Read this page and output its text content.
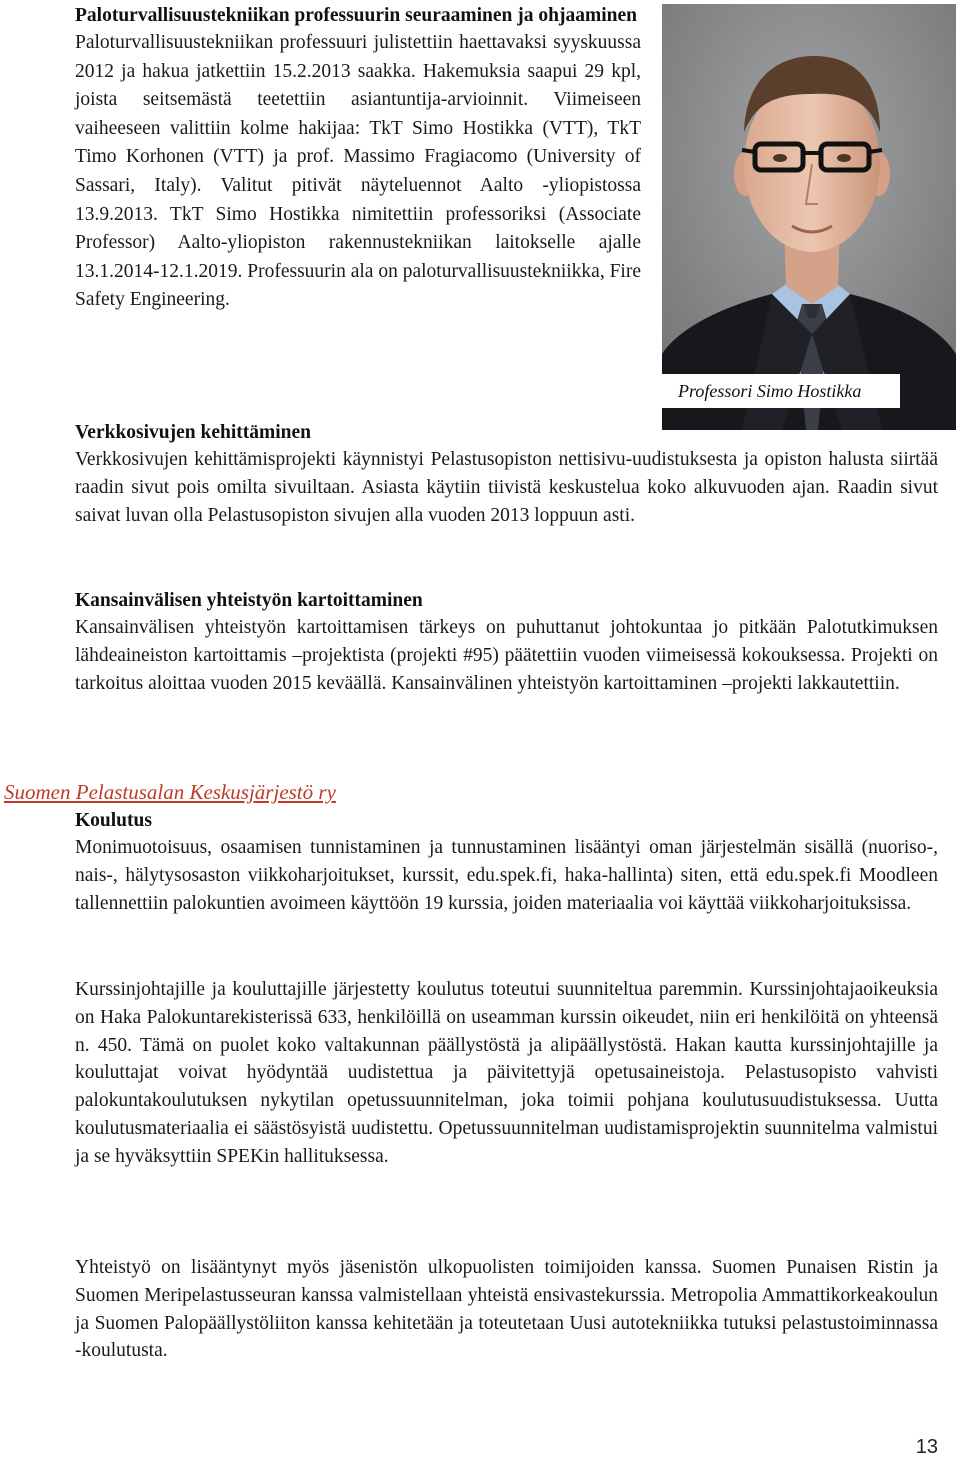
Paloturvallisuustekniikan professuurin seuraaminen ja ohjaaminen

Paloturvallisuustekniikan professuuri julistettiin haettavaksi syyskuussa 2012 ja hakua jatkettiin 15.2.2013 saakka. Hakemuksia saapui 29 kpl, joista seitsemästä teetettiin asiantuntija-arvioinnit. Viimeiseen vaiheeseen valittiin kolme hakijaa: TkT Simo Hostikka (VTT), TkT Timo Korhonen (VTT) ja prof. Massimo Fragiacomo (University of Sassari, Italy). Valitut pitivät näyteluennot Aalto -yliopistossa 13.9.2013. TkT Simo Hostikka nimitettiin professoriksi (Associate Professor) Aalto-yliopiston rakennustekniikan laitokselle ajalle 13.1.2014-12.1.2019. Professuurin ala on paloturvallisuustekniikka, Fire Safety Engineering.

Professori Simo Hostikka
Verkkosivujen kehittäminen

Verkkosivujen kehittämisprojekti käynnistyi Pelastusopiston nettisivu-uudistuksesta ja opiston halusta siirtää raadin sivut pois omilta sivuiltaan. Asiasta käytiin tiivistä keskustelua koko alkuvuoden ajan. Raadin sivut saivat luvan olla Pelastusopiston sivujen alla vuoden 2013 loppuun asti.

Kansainvälisen yhteistyön kartoittaminen

Kansainvälisen yhteistyön kartoittamisen tärkeys on puhuttanut johtokuntaa jo pitkään Palotutkimuksen lähdeaineiston kartoittamis –projektista (projekti #95) päätettiin vuoden viimeisessä kokouksessa. Projekti on tarkoitus aloittaa vuoden 2015 keväällä. Kansainvälinen yhteistyön kartoittaminen –projekti lakkautettiin.

Suomen Pelastusalan Keskusjärjestö ry
Koulutus

Monimuotoisuus, osaamisen tunnistaminen ja tunnustaminen lisääntyi oman järjestelmän sisällä (nuoriso-, nais-, hälytysosaston viikkoharjoitukset, kurssit, edu.spek.fi, haka-hallinta) siten, että edu.spek.fi Moodleen tallennettiin palokuntien avoimeen käyttöön 19 kurssia, joiden materiaalia voi käyttää viikkoharjoituksissa.

Kurssinjohtajille ja kouluttajille järjestetty koulutus toteutui suunniteltua paremmin. Kurssinjohtajaoikeuksia on Haka Palokuntarekisterissä 633, henkilöillä on useamman kurssin oikeudet, niin eri henkilöitä on yhteensä n. 450. Tämä on puolet koko valtakunnan päällystöstä ja alipäällystöstä. Hakan kautta kurssinjohtajille ja kouluttajat voivat hyödyntää uudistettua ja päivitettyjä opetusaineistoja. Pelastusopisto vahvisti palokuntakoulutuksen nykytilan opetussuunnitelman, joka toimii pohjana koulutusuudistuksessa. Uutta koulutusmateriaalia ei säästösyistä uudistettu. Opetussuunnitelman uudistamisprojektin suunnitelma valmistui ja se hyväksyttiin SPEKin hallituksessa.

Yhteistyö on lisääntynyt myös jäsenistön ulkopuolisten toimijoiden kanssa. Suomen Punaisen Ristin ja Suomen Meripelastusseuran kanssa valmistellaan yhteistä ensivastekurssia. Metropolia Ammattikorkeakoulun ja Suomen Palopäällystöliiton kanssa kehitetään ja toteutetaan Uusi autotekniikka tutuksi pelastustoiminnassa -koulutusta.

13
